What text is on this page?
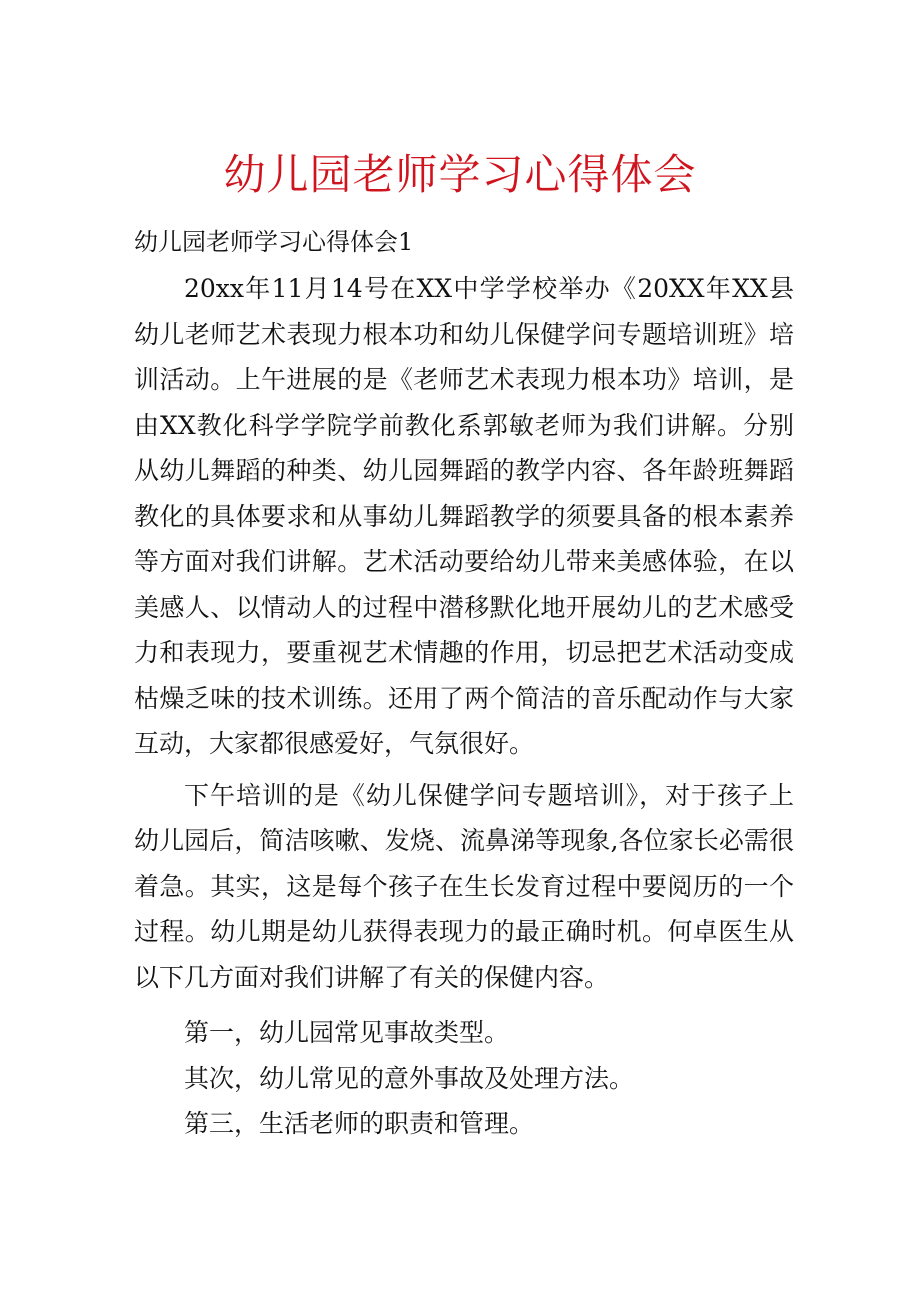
幼儿园老师学习心得体会
幼儿园老师学习心得体会1

20xx年11月14号在XX中学学校举办《20XX年XX县幼儿老师艺术表现力根本功和幼儿保健学问专题培训班》培训活动。上午进展的是《老师艺术表现力根本功》培训，是由XX教化科学学院学前教化系郭敏老师为我们讲解。分别从幼儿舞蹈的种类、幼儿园舞蹈的教学内容、各年龄班舞蹈教化的具体要求和从事幼儿舞蹈教学的须要具备的根本素养等方面对我们讲解。艺术活动要给幼儿带来美感体验，在以美感人、以情动人的过程中潜移默化地开展幼儿的艺术感受力和表现力，要重视艺术情趣的作用，切忌把艺术活动变成枯燥乏味的技术训练。还用了两个简洁的音乐配动作与大家互动，大家都很感爱好，气氛很好。

下午培训的是《幼儿保健学问专题培训》，对于孩子上幼儿园后，简洁咳嗽、发烧、流鼻涕等现象,各位家长必需很着急。其实，这是每个孩子在生长发育过程中要阅历的一个过程。幼儿期是幼儿获得表现力的最正确时机。何卓医生从以下几方面对我们讲解了有关的保健内容。

第一，幼儿园常见事故类型。

其次，幼儿常见的意外事故及处理方法。

第三，生活老师的职责和管理。
